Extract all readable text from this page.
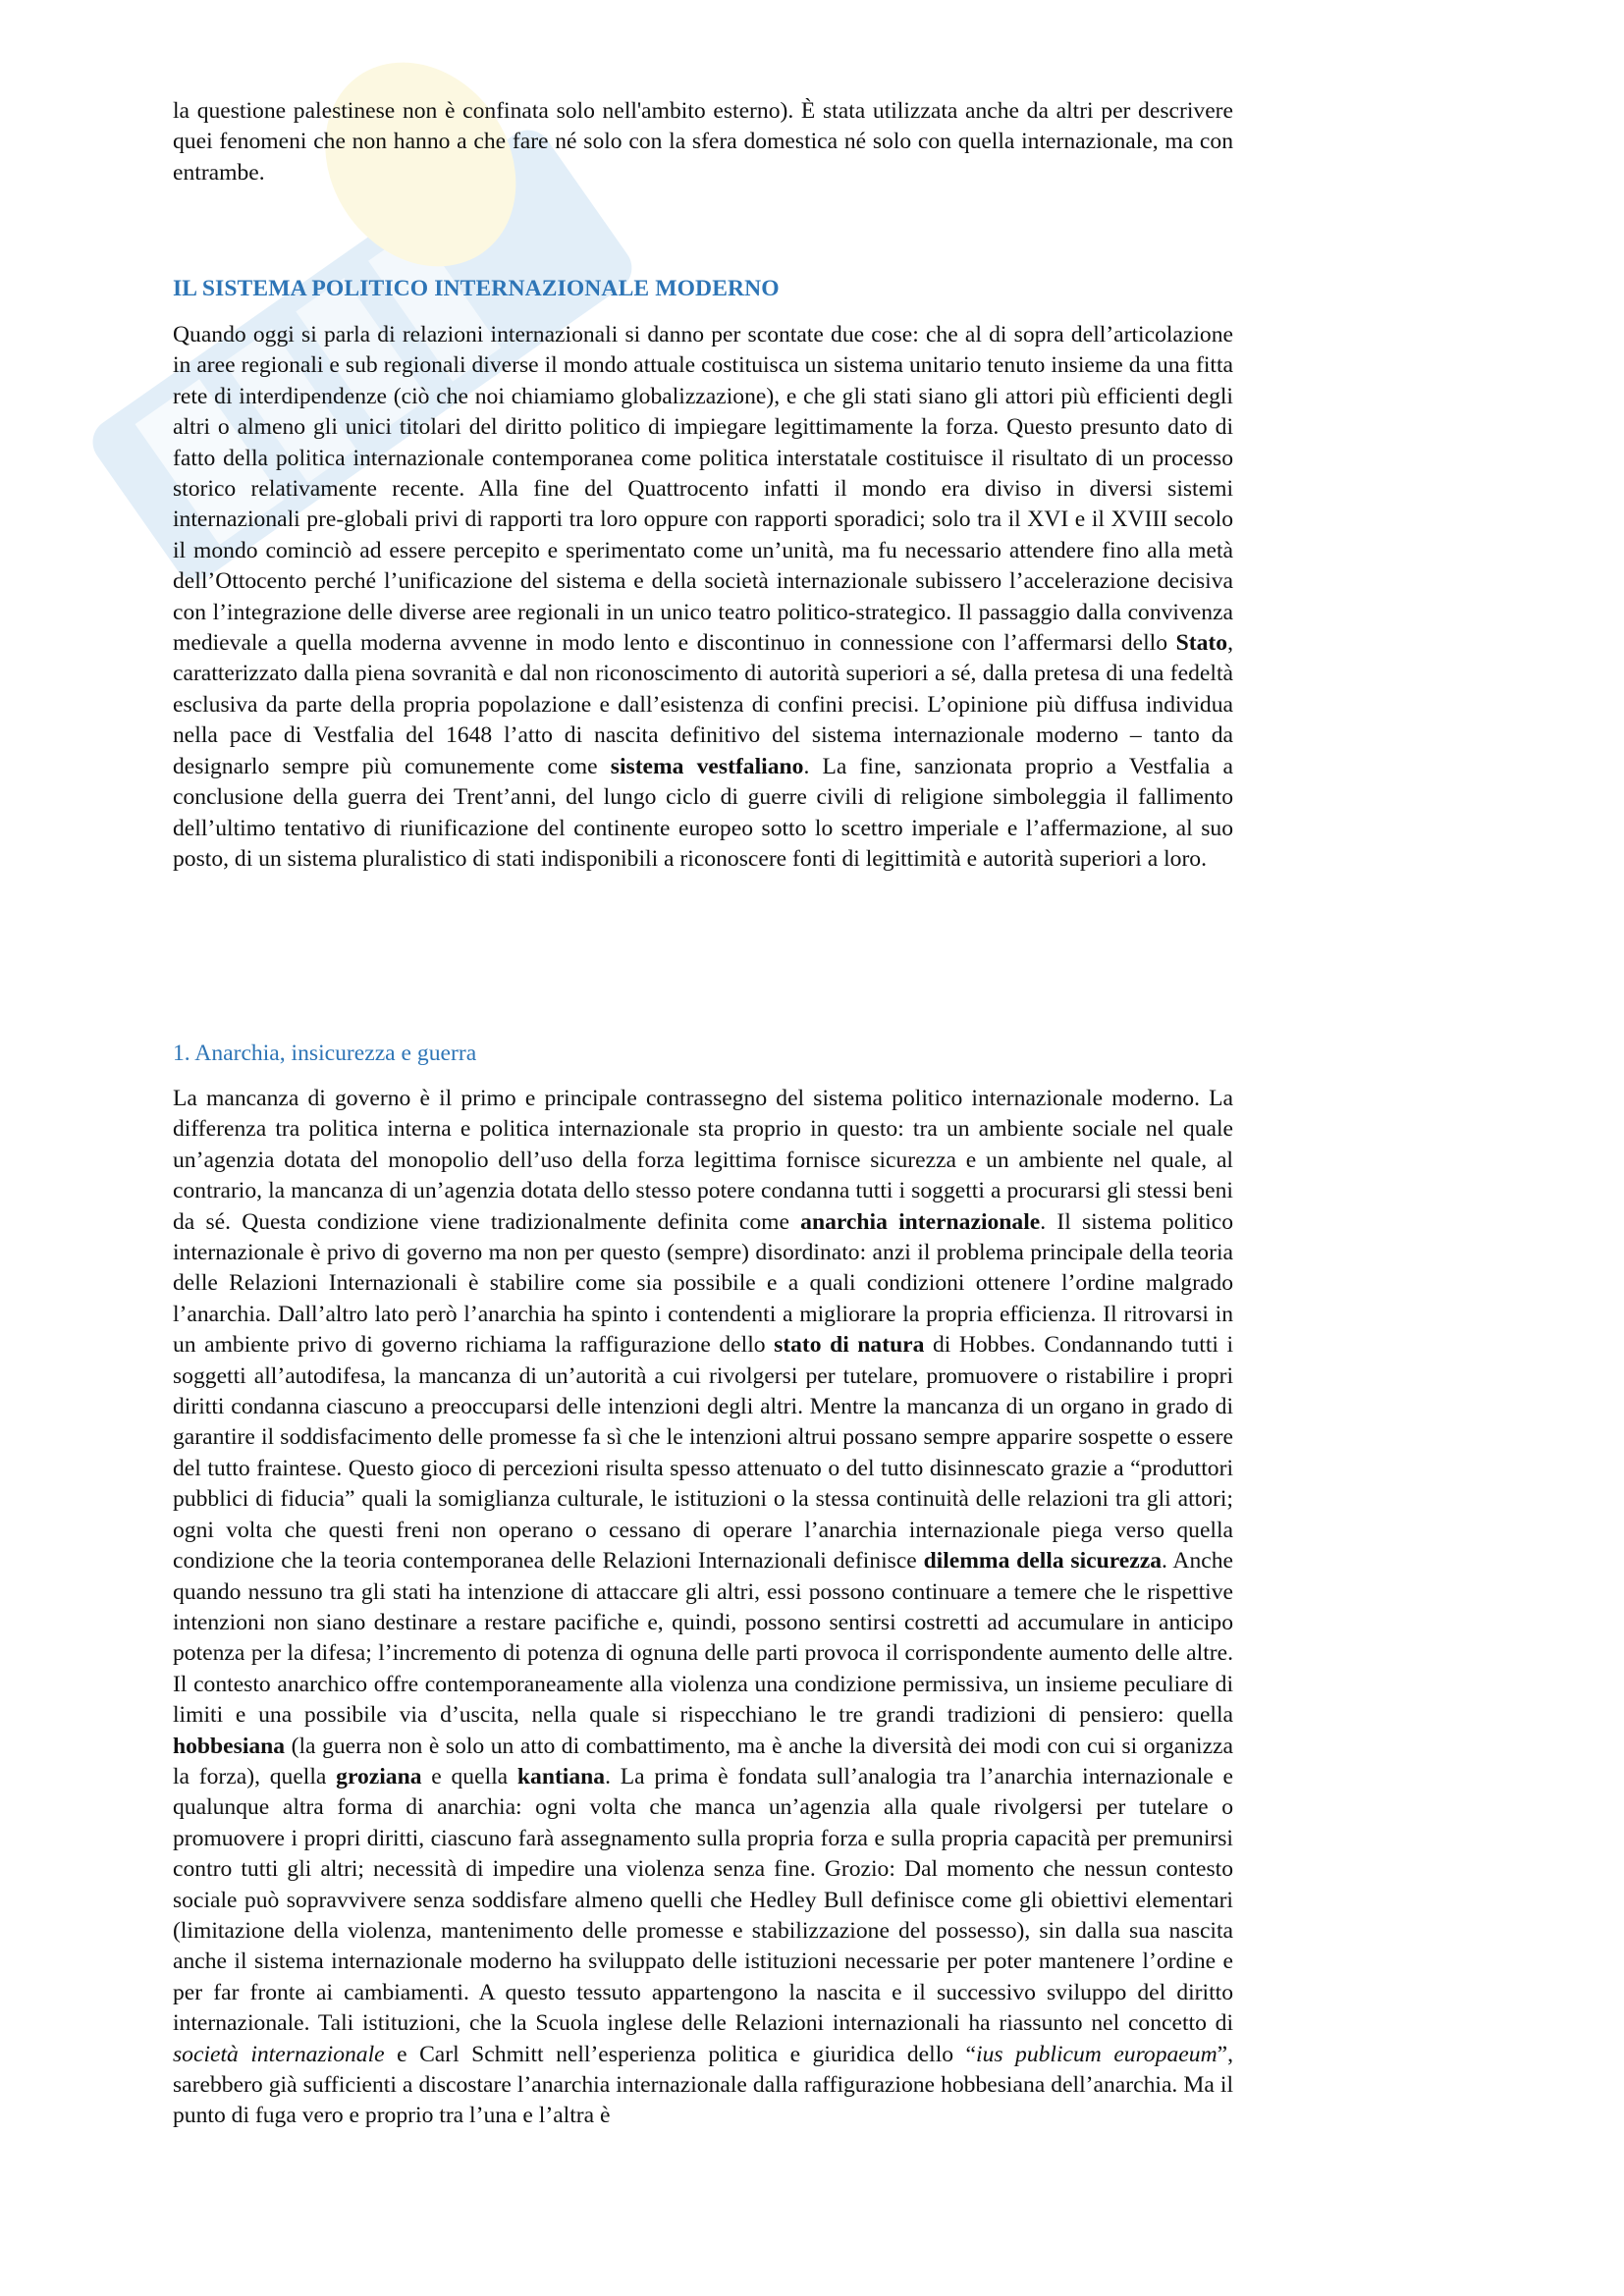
la questione palestinese non è confinata solo nell'ambito esterno). È stata utilizzata anche da altri per descrivere quei fenomeni che non hanno a che fare né solo con la sfera domestica né solo con quella internazionale, ma con entrambe.

IL SISTEMA POLITICO INTERNAZIONALE MODERNO

Quando oggi si parla di relazioni internazionali si danno per scontate due cose: che al di sopra dell’articolazione in aree regionali e sub regionali diverse il mondo attuale costituisca un sistema unitario tenuto insieme da una fitta rete di interdipendenze (ciò che noi chiamiamo globalizzazione), e che gli stati siano gli attori più efficienti degli altri o almeno gli unici titolari del diritto politico di impiegare legittimamente la forza. Questo presunto dato di fatto della politica internazionale contemporanea come politica interstatale costituisce il risultato di un processo storico relativamente recente. Alla fine del Quattrocento infatti il mondo era diviso in diversi sistemi internazionali pre-globali privi di rapporti tra loro oppure con rapporti sporadici; solo tra il XVI e il XVIII secolo il mondo cominciò ad essere percepito e sperimentato come un’unità, ma fu necessario attendere fino alla metà dell’Ottocento perché l’unificazione del sistema e della società internazionale subissero l’accelerazione decisiva con l’integrazione delle diverse aree regionali in un unico teatro politico-strategico. Il passaggio dalla convivenza medievale a quella moderna avvenne in modo lento e discontinuo in connessione con l’affermarsi dello Stato, caratterizzato dalla piena sovranità e dal non riconoscimento di autorità superiori a sé, dalla pretesa di una fedeltà esclusiva da parte della propria popolazione e dall’esistenza di confini precisi. L’opinione più diffusa individua nella pace di Vestfalia del 1648 l’atto di nascita definitivo del sistema internazionale moderno – tanto da designarlo sempre più comunemente come sistema vestfaliano. La fine, sanzionata proprio a Vestfalia a conclusione della guerra dei Trent’anni, del lungo ciclo di guerre civili di religione simboleggia il fallimento dell’ultimo tentativo di riunificazione del continente europeo sotto lo scettro imperiale e l’affermazione, al suo posto, di un sistema pluralistico di stati indisponibili a riconoscere fonti di legittimità e autorità superiori a loro.

1. Anarchia, insicurezza e guerra

La mancanza di governo è il primo e principale contrassegno del sistema politico internazionale moderno. La differenza tra politica interna e politica internazionale sta proprio in questo: tra un ambiente sociale nel quale un’agenzia dotata del monopolio dell’uso della forza legittima fornisce sicurezza e un ambiente nel quale, al contrario, la mancanza di un’agenzia dotata dello stesso potere condanna tutti i soggetti a procurarsi gli stessi beni da sé. Questa condizione viene tradizionalmente definita come anarchia internazionale. Il sistema politico internazionale è privo di governo ma non per questo (sempre) disordinato: anzi il problema principale della teoria delle Relazioni Internazionali è stabilire come sia possibile e a quali condizioni ottenere l’ordine malgrado l’anarchia. Dall’altro lato però l’anarchia ha spinto i contendenti a migliorare la propria efficienza. Il ritrovarsi in un ambiente privo di governo richiama la raffigurazione dello stato di natura di Hobbes. Condannando tutti i soggetti all’autodifesa, la mancanza di un’autorità a cui rivolgersi per tutelare, promuovere o ristabilire i propri diritti condanna ciascuno a preoccuparsi delle intenzioni degli altri. Mentre la mancanza di un organo in grado di garantire il soddisfacimento delle promesse fa sì che le intenzioni altrui possano sempre apparire sospette o essere del tutto fraintese. Questo gioco di percezioni risulta spesso attenuato o del tutto disinnescato grazie a “produttori pubblici di fiducia” quali la somiglianza culturale, le istituzioni o la stessa continuità delle relazioni tra gli attori; ogni volta che questi freni non operano o cessano di operare l’anarchia internazionale piega verso quella condizione che la teoria contemporanea delle Relazioni Internazionali definisce dilemma della sicurezza. Anche quando nessuno tra gli stati ha intenzione di attaccare gli altri, essi possono continuare a temere che le rispettive intenzioni non siano destinare a restare pacifiche e, quindi, possono sentirsi costretti ad accumulare in anticipo potenza per la difesa; l’incremento di potenza di ognuna delle parti provoca il corrispondente aumento delle altre. Il contesto anarchico offre contemporaneamente alla violenza una condizione permissiva, un insieme peculiare di limiti e una possibile via d’uscita, nella quale si rispecchiano le tre grandi tradizioni di pensiero: quella hobbesiana (la guerra non è solo un atto di combattimento, ma è anche la diversità dei modi con cui si organizza la forza), quella groziana e quella kantiana. La prima è fondata sull’analogia tra l’anarchia internazionale e qualunque altra forma di anarchia: ogni volta che manca un’agenzia alla quale rivolgersi per tutelare o promuovere i propri diritti, ciascuno farà assegnamento sulla propria forza e sulla propria capacità per premunirsi contro tutti gli altri; necessità di impedire una violenza senza fine. Grozio: Dal momento che nessun contesto sociale può sopravvivere senza soddisfare almeno quelli che Hedley Bull definisce come gli obiettivi elementari (limitazione della violenza, mantenimento delle promesse e stabilizzazione del possesso), sin dalla sua nascita anche il sistema internazionale moderno ha sviluppato delle istituzioni necessarie per poter mantenere l’ordine e per far fronte ai cambiamenti. A questo tessuto appartengono la nascita e il successivo sviluppo del diritto internazionale. Tali istituzioni, che la Scuola inglese delle Relazioni internazionali ha riassunto nel concetto di società internazionale e Carl Schmitt nell’esperienza politica e giuridica dello “ius publicum europaeum”, sarebbero già sufficienti a discostare l’anarchia internazionale dalla raffigurazione hobbesiana dell’anarchia. Ma il punto di fuga vero e proprio tra l’una e l’altra è
